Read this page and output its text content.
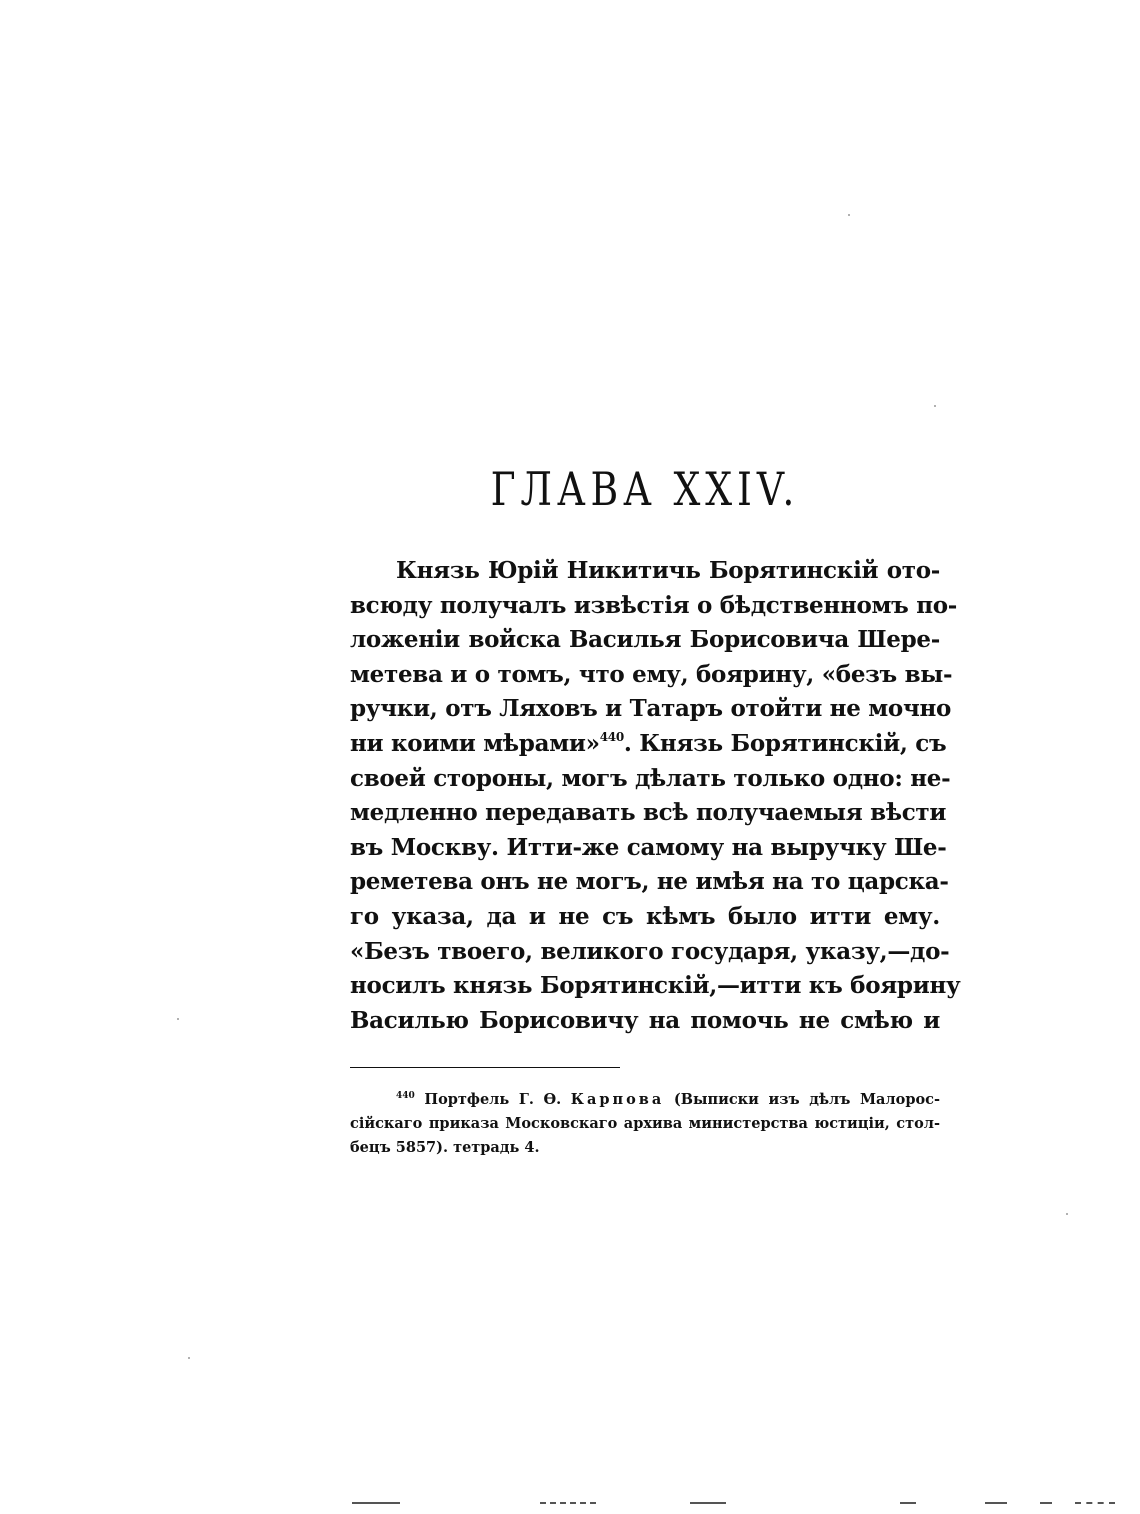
ГЛАВА XXIV.
Князь Юрій Никитичь Борятинскій ото-
всюду получалъ извѣстія о бѣдственномъ по-
ложеніи войска Василья Борисовича Шере-
метева и о томъ, что ему, боярину, «безъ вы-
ручки, отъ Ляховъ и Татаръ отойти не мочно
ни коими мѣрами»$^{440}$. Князь Борятинскій, съ
своей стороны, могъ дѣлать только одно: не-
медленно передавать всѣ получаемыя вѣсти
въ Москву. Итти-же самому на выручку Ше-
реметева онъ не могъ, не имѣя на то царска-
го указа, да и не съ кѣмъ было итти ему.
«Безъ твоего, великого государя, указу,—до-
носилъ князь Борятинскій,—итти къ боярину
Василью Борисовичу на помочь не смѣю и
$^{440}$ Портфель Г. Ѳ. Карпова (Выписки изъ дѣлъ Малорос-
сійскаго приказа Московскаго архива министерства юстиціи, стол-
бецъ 5857). тетрадь 4.
